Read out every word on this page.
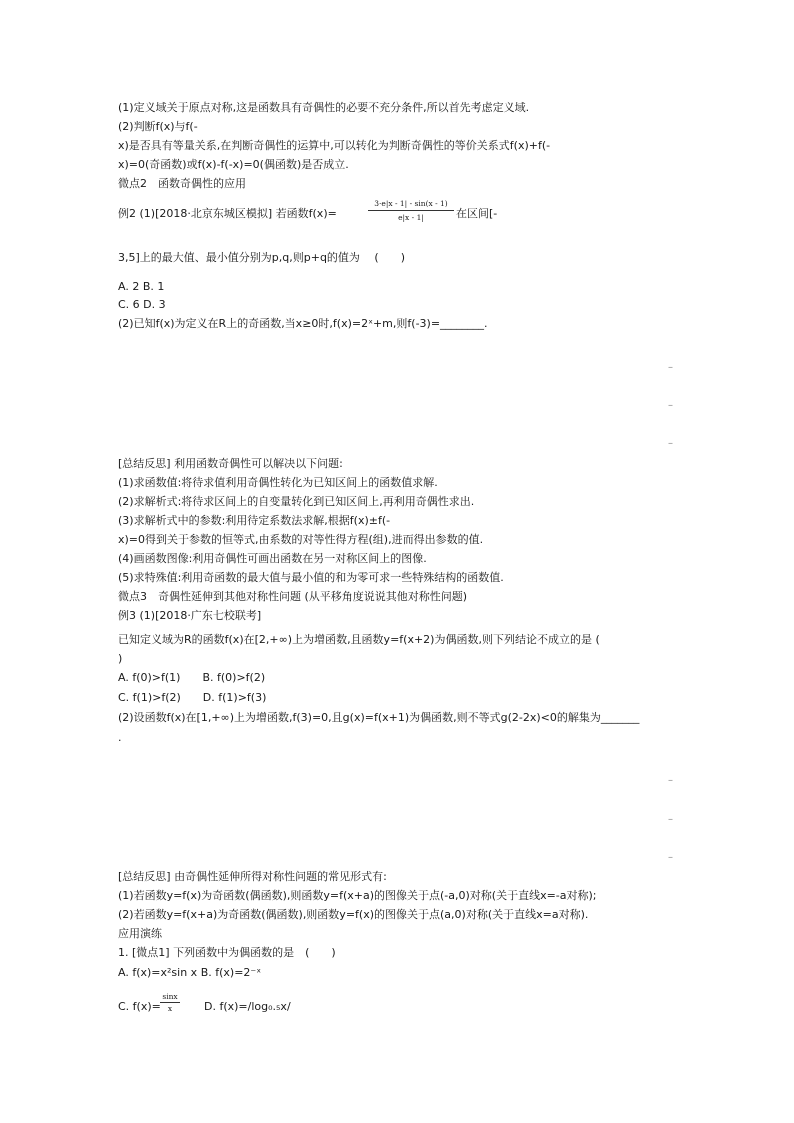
(1)定义域关于原点对称,这是函数具有奇偶性的必要不充分条件,所以首先考虑定义域.
(2)判断f(x)与f(-
x)是否具有等量关系,在判断奇偶性的运算中,可以转化为判断奇偶性的等价关系式f(x)+f(-
x)=0(奇函数)或f(x)-f(-x)=0(偶函数)是否成立.
微点2　函数奇偶性的应用
例2 (1)[2018·北京东城区模拟] 若函数f(x)=
3·e|x - 1| - sin(x - 1)
e|x - 1|	在区间[-
3,5]上的最大值、最小值分别为p,q,则p+q的值为　 (　　)
A. 2 B. 1
C. 6 D. 3
(2)已知f(x)为定义在R上的奇函数,当x≥0时,f(x)=2ˣ+m,则f(-3)=________.
–
–
–
[总结反思] 利用函数奇偶性可以解决以下问题:
(1)求函数值:将待求值利用奇偶性转化为已知区间上的函数值求解.
(2)求解析式:将待求区间上的自变量转化到已知区间上,再利用奇偶性求出.
(3)求解析式中的参数:利用待定系数法求解,根据f(x)±f(-
x)=0得到关于参数的恒等式,由系数的对等性得方程(组),进而得出参数的值.
(4)画函数图像:利用奇偶性可画出函数在另一对称区间上的图像.
(5)求特殊值:利用奇函数的最大值与最小值的和为零可求一些特殊结构的函数值.
微点3　奇偶性延伸到其他对称性问题 (从平移角度说说其他对称性问题)
例3 (1)[2018·广东七校联考]
已知定义域为R的函数f(x)在[2,+∞)上为增函数,且函数y=f(x+2)为偶函数,则下列结论不成立的是 (
)
A. f(0)>f(1)　　B. f(0)>f(2)
C. f(1)>f(2)　　D. f(1)>f(3)
(2)设函数f(x)在[1,+∞)上为增函数,f(3)=0,且g(x)=f(x+1)为偶函数,则不等式g(2-2x)<0的解集为_______
.
–
–
–
[总结反思] 由奇偶性延伸所得对称性问题的常见形式有:
(1)若函数y=f(x)为奇函数(偶函数),则函数y=f(x+a)的图像关于点(-a,0)对称(关于直线x=-a对称);
(2)若函数y=f(x+a)为奇函数(偶函数),则函数y=f(x)的图像关于点(a,0)对称(关于直线x=a对称).
应用演练
1. [微点1] 下列函数中为偶函数的是　(　　)
A. f(x)=x²sin x B. f(x)=2⁻ˣ
C. f(x)=
sinx
x	D. f(x)=/log₀.₅x/
